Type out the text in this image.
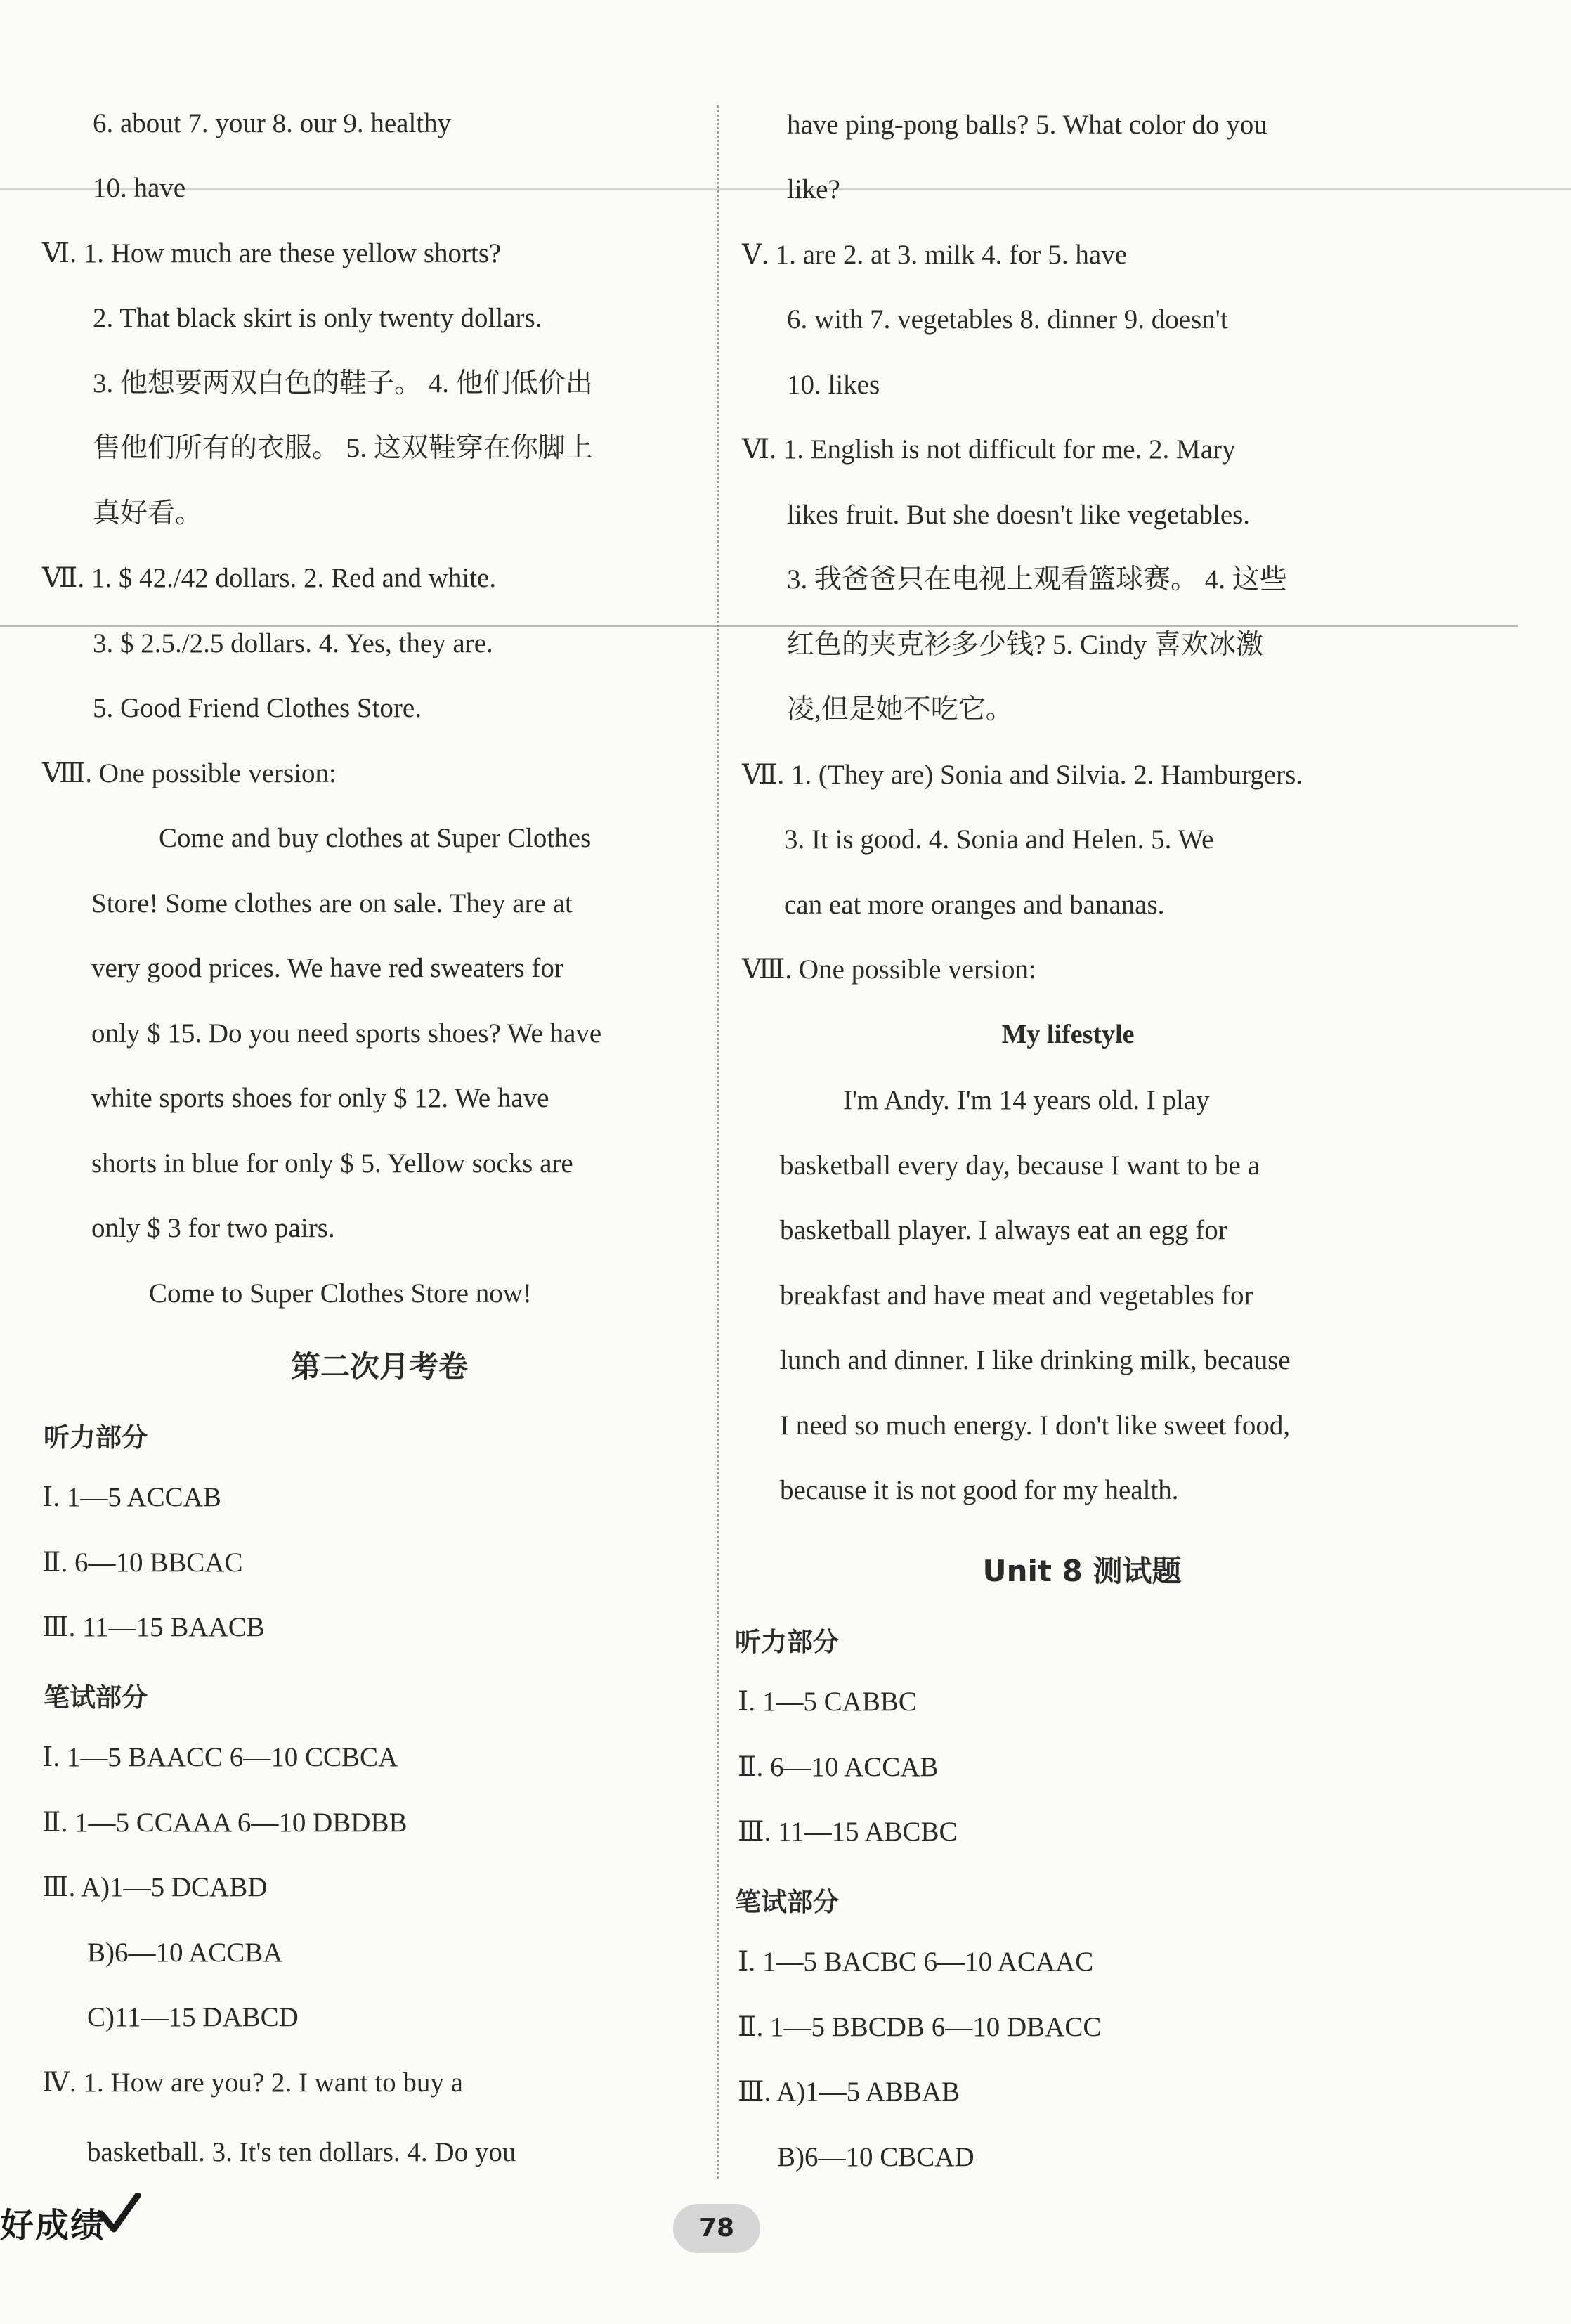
6. about 7. your 8. our 9. healthy
10. have
Ⅵ. 1. How much are these yellow shorts?
2. That black skirt is only twenty dollars.
3. 他想要两双白色的鞋子。 4. 他们低价出
售他们所有的衣服。 5. 这双鞋穿在你脚上
真好看。
Ⅶ. 1. $ 42./42 dollars. 2. Red and white.
3. $ 2.5./2.5 dollars. 4. Yes, they are.
5. Good Friend Clothes Store.
Ⅷ. One possible version:
Come and buy clothes at Super Clothes
Store! Some clothes are on sale. They are at
very good prices. We have red sweaters for
only $ 15. Do you need sports shoes? We have
white sports shoes for only $ 12. We have
shorts in blue for only $ 5. Yellow socks are
only $ 3 for two pairs.
Come to Super Clothes Store now!
第二次月考卷
听力部分
Ⅰ. 1—5 ACCAB
Ⅱ. 6—10 BBCAC
Ⅲ. 11—15 BAACB
笔试部分
Ⅰ. 1—5 BAACC 6—10 CCBCA
Ⅱ. 1—5 CCAAA 6—10 DBDBB
Ⅲ. A)1—5 DCABD
B)6—10 ACCBA
C)11—15 DABCD
Ⅳ. 1. How are you? 2. I want to buy a
basketball. 3. It's ten dollars. 4. Do you
have ping-pong balls? 5. What color do you
like?
Ⅴ. 1. are 2. at 3. milk 4. for 5. have
6. with 7. vegetables 8. dinner 9. doesn't
10. likes
Ⅵ. 1. English is not difficult for me. 2. Mary
likes fruit. But she doesn't like vegetables.
3. 我爸爸只在电视上观看篮球赛。 4. 这些
红色的夹克衫多少钱? 5. Cindy 喜欢冰激
凌,但是她不吃它。
Ⅶ. 1. (They are) Sonia and Silvia. 2. Hamburgers.
3. It is good. 4. Sonia and Helen. 5. We
can eat more oranges and bananas.
Ⅷ. One possible version:
My lifestyle
I'm Andy. I'm 14 years old. I play
basketball every day, because I want to be a
basketball player. I always eat an egg for
breakfast and have meat and vegetables for
lunch and dinner. I like drinking milk, because
I need so much energy. I don't like sweet food,
because it is not good for my health.
Unit 8 测试题
听力部分
Ⅰ. 1—5 CABBC
Ⅱ. 6—10 ACCAB
Ⅲ. 11—15 ABCBC
笔试部分
Ⅰ. 1—5 BACBC 6—10 ACAAC
Ⅱ. 1—5 BBCDB 6—10 DBACC
Ⅲ. A)1—5 ABBAB
B)6—10 CBCAD
好成绩	78
